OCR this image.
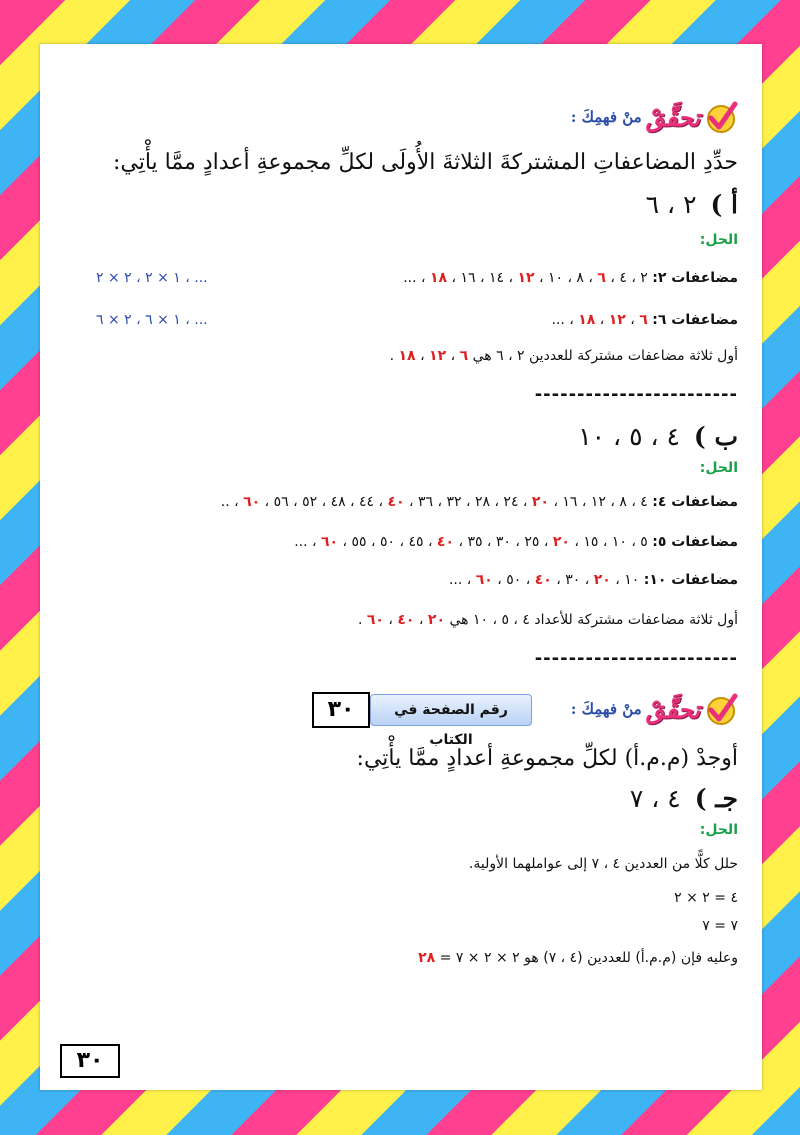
تحقَّقْ
منْ فهمِكَ :
حدِّدِ المضاعفاتِ المشتركةَ الثلاثةَ الأُولَى لكلِّ مجموعةِ أعدادٍ ممَّا يأْتِي:
أ )
٢ ، ٦
الحل:
مضاعفات ٢: ٢ ، ٤ ، ٦ ، ٨ ، ١٠ ، ١٢ ، ١٤ ، ١٦ ، ١٨ ، ...
١ × ٢ ، ٢ × ٢ ، ...
مضاعفات ٦: ٦ ، ١٢ ، ١٨ ، ...
١ × ٦ ، ٢ × ٦ ، ...
أول ثلاثة مضاعفات مشتركة للعددين ٢ ، ٦ هي ٦ ، ١٢ ، ١٨ .
------------------------
ب )
٤ ، ٥ ، ١٠
الحل:
مضاعفات ٤: ٤ ، ٨ ، ١٢ ، ١٦ ، ٢٠ ، ٢٤ ، ٢٨ ، ٣٢ ، ٣٦ ، ٤٠ ، ٤٤ ، ٤٨ ، ٥٢ ، ٥٦ ، ٦٠ ، ..
مضاعفات ٥: ٥ ، ١٠ ، ١٥ ، ٢٠ ، ٢٥ ، ٣٠ ، ٣٥ ، ٤٠ ، ٤٥ ، ٥٠ ، ٥٥ ، ٦٠ ، ...
مضاعفات ١٠: ١٠ ، ٢٠ ، ٣٠ ، ٤٠ ، ٥٠ ، ٦٠ ، ...
أول ثلاثة مضاعفات مشتركة للأعداد ٤ ، ٥ ، ١٠ هي ٢٠ ، ٤٠ ، ٦٠ .
------------------------
تحقَّقْ
منْ فهمِكَ :
رقم الصفحة في الكتاب
٣٠
أوجدْ (م.م.أ) لكلِّ مجموعةِ أعدادٍ ممَّا يأْتِي:
جـ )
٤ ، ٧
الحل:
حلل كلًّا من العددين ٤ ، ٧ إلى عواملهما الأولية.
٤ = ٢ × ٢
٧ = ٧
وعليه فإن (م.م.أ) للعددين (٤ ، ٧) هو ٢ × ٢ × ٧ = ٢٨
٣٠
